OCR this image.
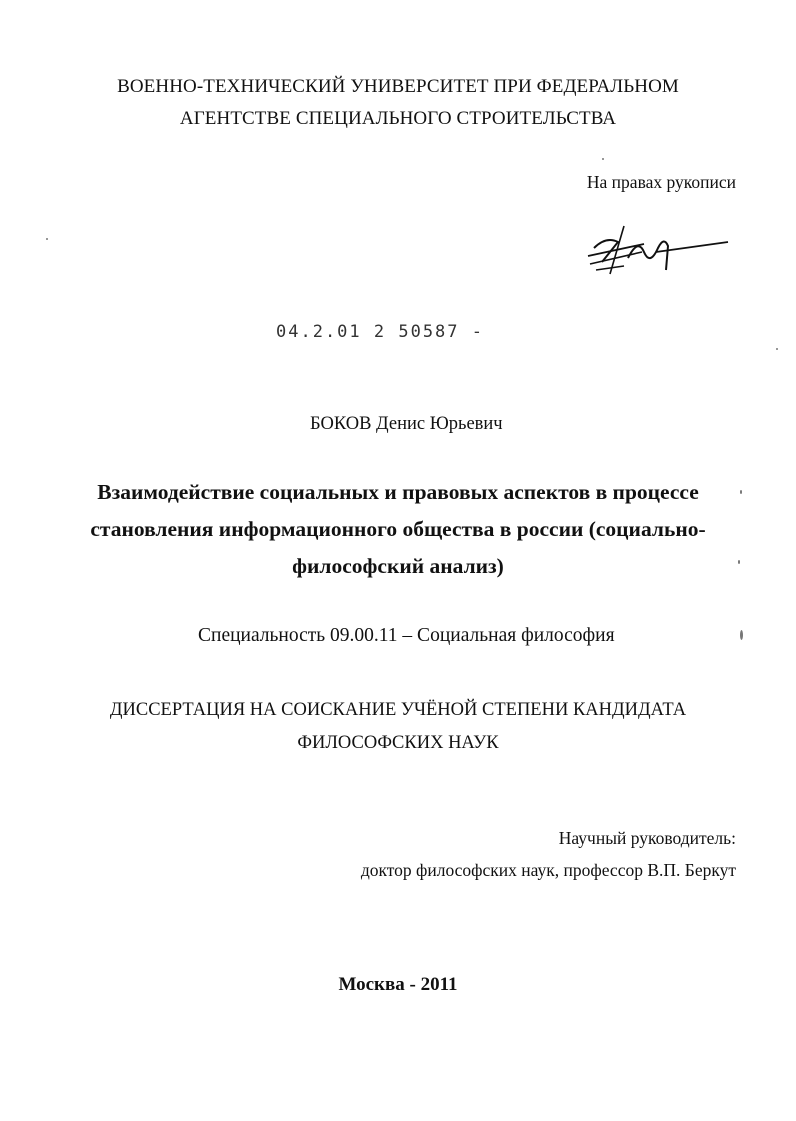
ВОЕННО-ТЕХНИЧЕСКИЙ УНИВЕРСИТЕТ ПРИ ФЕДЕРАЛЬНОМ
АГЕНТСТВЕ СПЕЦИАЛЬНОГО СТРОИТЕЛЬСТВА
На правах рукописи
04.2.01 2 50587 -
БОКОВ Денис Юрьевич
Взаимодействие социальных и правовых аспектов в процессе
становления информационного общества в россии (социально-
философский анализ)
Специальность 09.00.11 – Социальная философия
ДИССЕРТАЦИЯ НА СОИСКАНИЕ УЧЁНОЙ СТЕПЕНИ КАНДИДАТА
ФИЛОСОФСКИХ НАУК
Научный руководитель:
доктор философских наук, профессор В.П. Беркут
Москва - 2011
